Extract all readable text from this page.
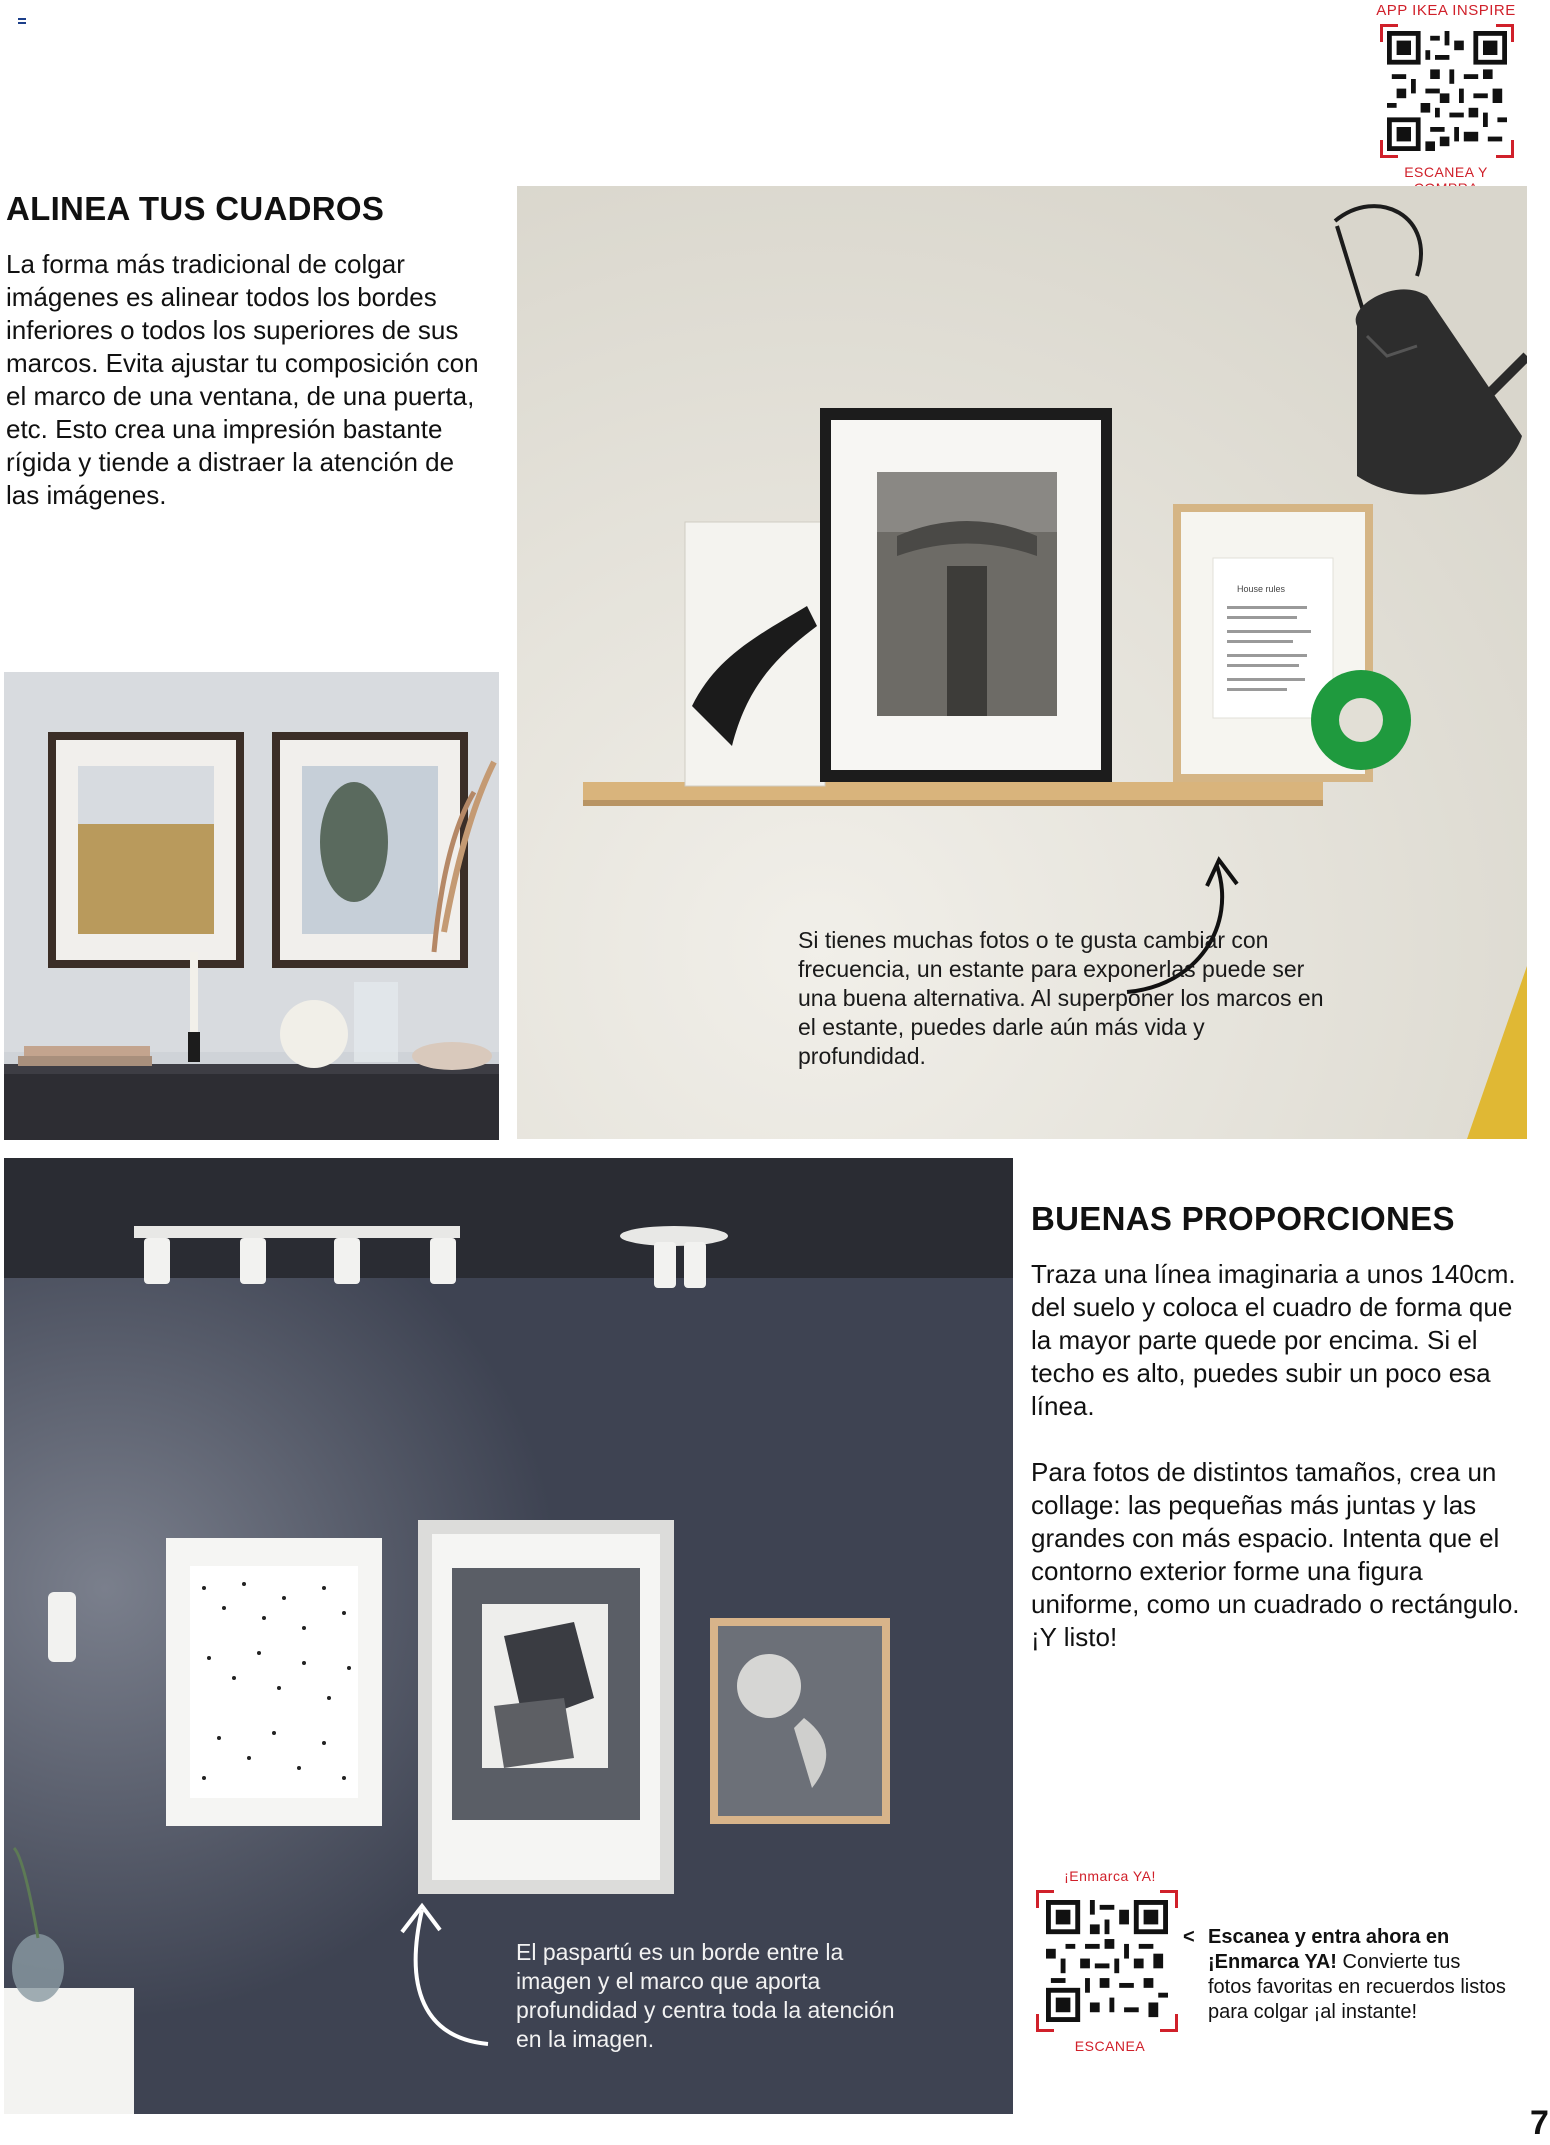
APP IKEA INSPIRE
ESCANEA Y
ALINEA TUS CUADROS

La forma más tradicional de colgar imágenes es alinear todos los bordes inferiores o todos los superiores de sus marcos. Evita ajustar tu composición con el marco de una ventana, de una puerta, etc. Esto crea una impresión bastante rígida y tiende a distraer la atención de las imágenes.

House rules

Si tienes muchas fotos o te gusta cambiar con frecuencia, un estante para exponerlas puede ser una buena alternativa. Al superponer los marcos en el estante, puedes darle aún más vida y profundidad.

El paspartú es un borde entre la imagen y el marco que aporta profundidad y centra toda la atención en la imagen.

BUENAS PROPORCIONES

Traza una línea imaginaria a unos 140cm. del suelo y coloca el cuadro de forma que la mayor parte quede por encima. Si el techo es alto, puedes subir un poco esa línea.

Para fotos de distintos tamaños, crea un collage: las pequeñas más juntas y las grandes con más espacio. Intenta que el contorno exterior forme una figura uniforme, como un cuadrado o rectángulo. ¡Y listo!

¡Enmarca YA!
ESCANEA
< Escanea y entra ahora en ¡Enmarca YA! Convierte tus fotos favoritas en recuerdos listos para colgar ¡al instante!

7
